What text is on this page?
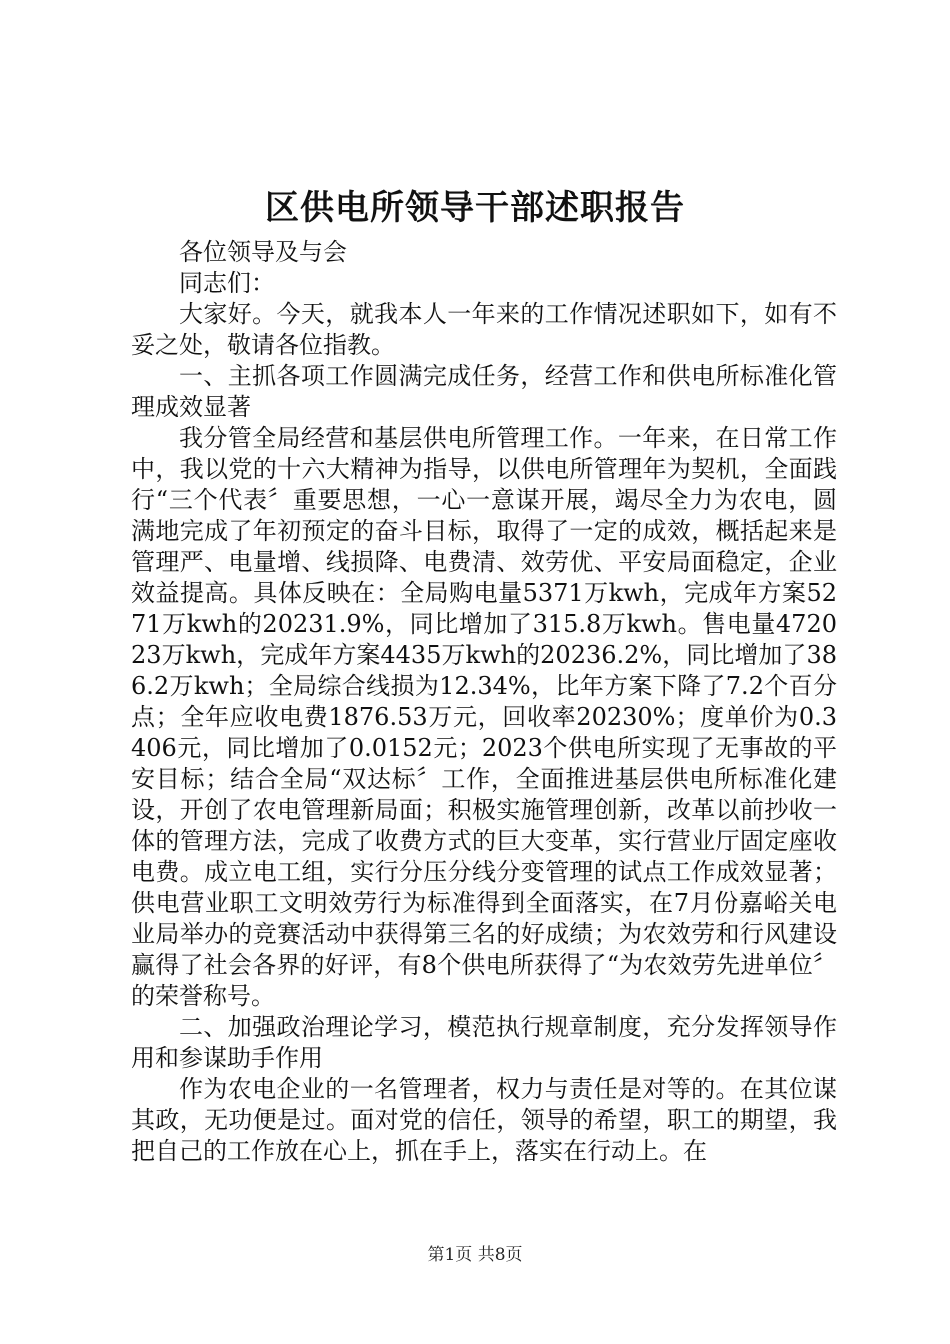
区供电所领导干部述职报告

各位领导及与会

同志们：

大家好。今天，就我本人一年来的工作情况述职如下，如有不妥之处，敬请各位指教。

一、主抓各项工作圆满完成任务，经营工作和供电所标准化管理成效显著

我分管全局经营和基层供电所管理工作。一年来，在日常工作中，我以党的十六大精神为指导，以供电所管理年为契机，全面践行“三个代表〞重要思想，一心一意谋开展，竭尽全力为农电，圆满地完成了年初预定的奋斗目标，取得了一定的成效，概括起来是管理严、电量增、线损降、电费清、效劳优、平安局面稳定，企业效益提高。具体反映在：全局购电量5371万kwh，完成年方案5271万kwh的20231.9%，同比增加了315.8万kwh。售电量472023万kwh，完成年方案4435万kwh的20236.2%，同比增加了386.2万kwh；全局综合线损为12.34%，比年方案下降了7.2个百分点；全年应收电费1876.53万元，回收率20230%；度单价为0.3406元，同比增加了0.0152元；2023个供电所实现了无事故的平安目标；结合全局“双达标〞工作，全面推进基层供电所标准化建设，开创了农电管理新局面；积极实施管理创新，改革以前抄收一体的管理方法，完成了收费方式的巨大变革，实行营业厅固定座收电费。成立电工组，实行分压分线分变管理的试点工作成效显著；供电营业职工文明效劳行为标准得到全面落实，在7月份嘉峪关电业局举办的竞赛活动中获得第三名的好成绩；为农效劳和行风建设赢得了社会各界的好评，有8个供电所获得了“为农效劳先进单位〞的荣誉称号。

二、加强政治理论学习，模范执行规章制度，充分发挥领导作用和参谋助手作用

作为农电企业的一名管理者，权力与责任是对等的。在其位谋其政，无功便是过。面对党的信任，领导的希望，职工的期望，我把自己的工作放在心上，抓在手上，落实在行动上。在

第1页 共8页
